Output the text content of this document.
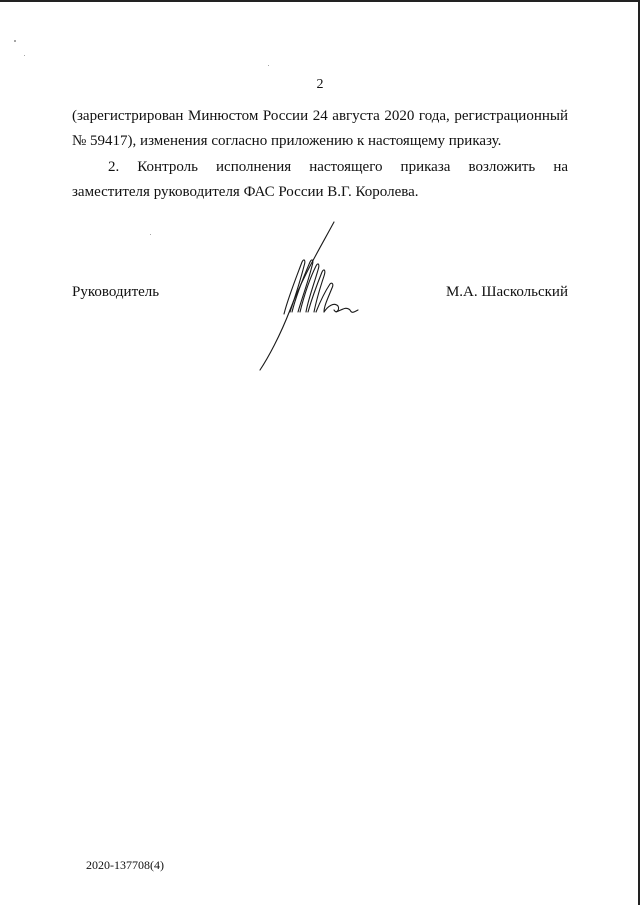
2
(зарегистрирован Минюстом России 24 августа 2020 года, регистрационный
№ 59417), изменения согласно приложению к настоящему приказу.
2. Контроль исполнения настоящего приказа возложить на
заместителя руководителя ФАС России В.Г. Королева.
Руководитель	М.А. Шаскольский
2020-137708(4)
